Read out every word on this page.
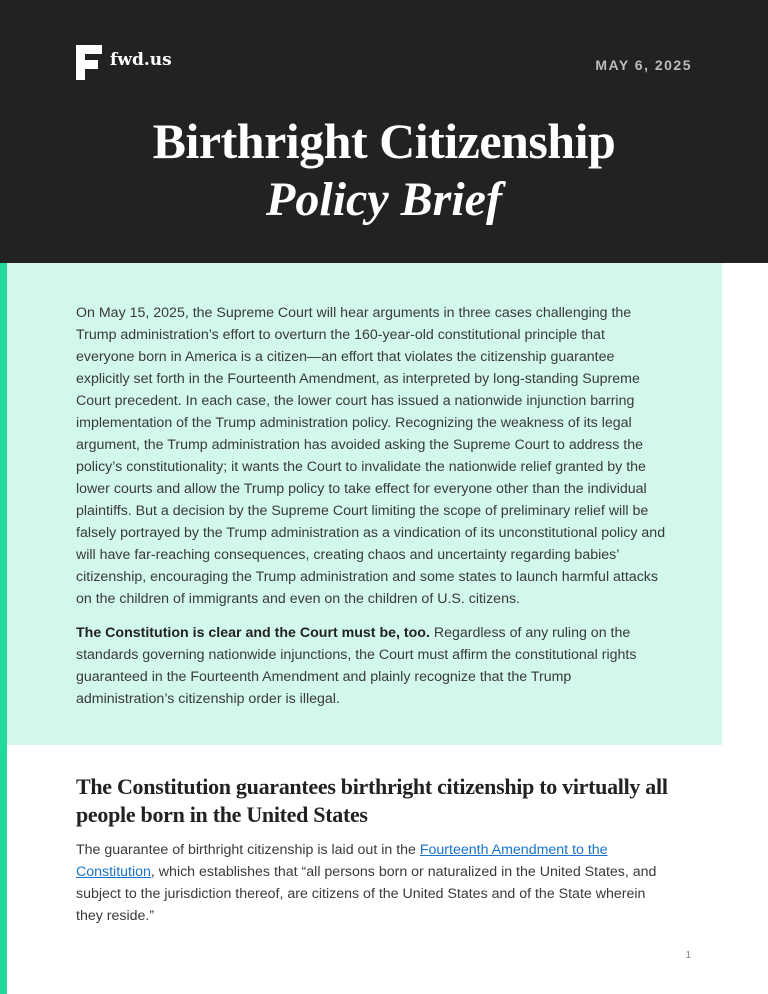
fwd.us	MAY 6, 2025
Birthright Citizenship
Policy Brief

On May 15, 2025, the Supreme Court will hear arguments in three cases challenging the Trump administration’s effort to overturn the 160-year-old constitutional principle that everyone born in America is a citizen—an effort that violates the citizenship guarantee explicitly set forth in the Fourteenth Amendment, as interpreted by long-standing Supreme Court precedent. In each case, the lower court has issued a nationwide injunction barring implementation of the Trump administration policy. Recognizing the weakness of its legal argument, the Trump administration has avoided asking the Supreme Court to address the policy’s constitutionality; it wants the Court to invalidate the nationwide relief granted by the lower courts and allow the Trump policy to take effect for everyone other than the individual plaintiffs. But a decision by the Supreme Court limiting the scope of preliminary relief will be falsely portrayed by the Trump administration as a vindication of its unconstitutional policy and will have far-reaching consequences, creating chaos and uncertainty regarding babies’ citizenship, encouraging the Trump administration and some states to launch harmful attacks on the children of immigrants and even on the children of U.S. citizens.

The Constitution is clear and the Court must be, too. Regardless of any ruling on the standards governing nationwide injunctions, the Court must affirm the constitutional rights guaranteed in the Fourteenth Amendment and plainly recognize that the Trump administration’s citizenship order is illegal.

The Constitution guarantees birthright citizenship to virtually all people born in the United States

The guarantee of birthright citizenship is laid out in the Fourteenth Amendment to the Constitution, which establishes that “all persons born or naturalized in the United States, and subject to the jurisdiction thereof, are citizens of the United States and of the State wherein they reside.”

1
